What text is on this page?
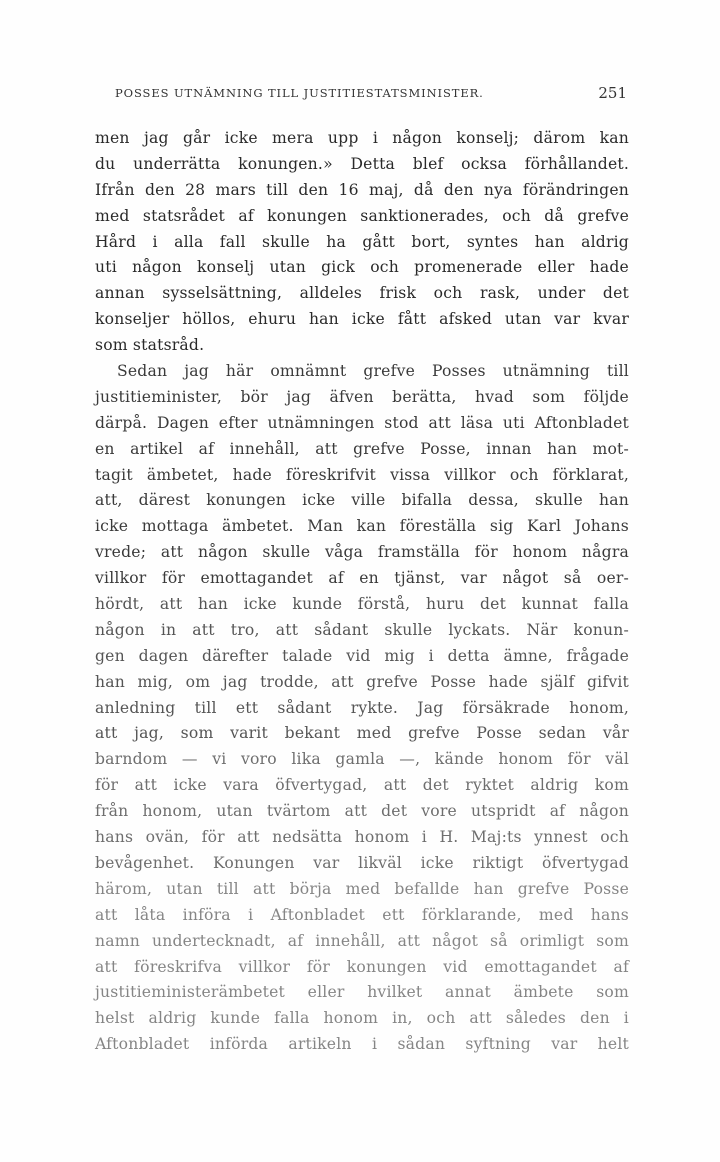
POSSES UTNÄMNING TILL JUSTITIESTATSMINISTER.	251
men jag går icke mera upp i någon konselj; därom kan
du underrätta konungen.» Detta blef ocksa förhållandet.
Ifrån den 28 mars till den 16 maj, då den nya förändringen
med statsrådet af konungen sanktionerades, och då grefve
Hård i alla fall skulle ha gått bort, syntes han aldrig
uti någon konselj utan gick och promenerade eller hade
annan sysselsättning, alldeles frisk och rask, under det
konseljer höllos, ehuru han icke fått afsked utan var kvar
som statsråd.
Sedan jag här omnämnt grefve Posses utnämning till
justitieminister, bör jag äfven berätta, hvad som följde
därpå. Dagen efter utnämningen stod att läsa uti Aftonbladet
en artikel af innehåll, att grefve Posse, innan han mot-
tagit ämbetet, hade föreskrifvit vissa villkor och förklarat,
att, därest konungen icke ville bifalla dessa, skulle han
icke mottaga ämbetet. Man kan föreställa sig Karl Johans
vrede; att någon skulle våga framställa för honom några
villkor för emottagandet af en tjänst, var något så oer-
hördt, att han icke kunde förstå, huru det kunnat falla
någon in att tro, att sådant skulle lyckats. När konun-
gen dagen därefter talade vid mig i detta ämne, frågade
han mig, om jag trodde, att grefve Posse hade själf gifvit
anledning till ett sådant rykte. Jag försäkrade honom,
att jag, som varit bekant med grefve Posse sedan vår
barndom — vi voro lika gamla —, kände honom för väl
för att icke vara öfvertygad, att det ryktet aldrig kom
från honom, utan tvärtom att det vore utspridt af någon
hans ovän, för att nedsätta honom i H. Maj:ts ynnest och
bevågenhet. Konungen var likväl icke riktigt öfvertygad
härom, utan till att börja med befallde han grefve Posse
att låta införa i Aftonbladet ett förklarande, med hans
namn undertecknadt, af innehåll, att något så orimligt som
att föreskrifva villkor för konungen vid emottagandet af
justitieministerämbetet eller hvilket annat ämbete som
helst aldrig kunde falla honom in, och att således den i
Aftonbladet införda artikeln i sådan syftning var helt
